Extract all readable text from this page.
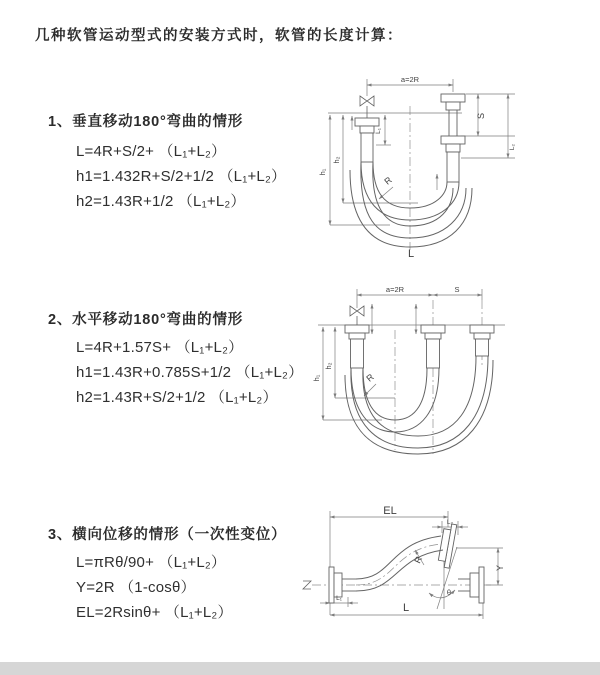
几种软管运动型式的安装方式时，软管的长度计算：
1、垂直移动180°弯曲的情形
L=4R+S/2+ （L₁+L₂）
h1=1.432R+S/2+1/2 （L₁+L₂）
h2=1.43R+1/2 （L₁+L₂）
2、水平移动180°弯曲的情形
L=4R+1.57S+ （L₁+L₂）
h1=1.43R+0.785S+1/2 （L₁+L₂）
h2=1.43R+S/2+1/2 （L₁+L₂）
3、横向位移的情形（一次性变位）
L=πRθ/90+ （L₁+L₂）
Y=2R （1-cosθ）
EL=2Rsinθ+ （L₁+L₂）
a=2R
h₁
h₂
L₁
S
L₂
R
L
a=2R	S
h₁
h₂
R
EL
L₂
Y
L
L₁
R
θ
